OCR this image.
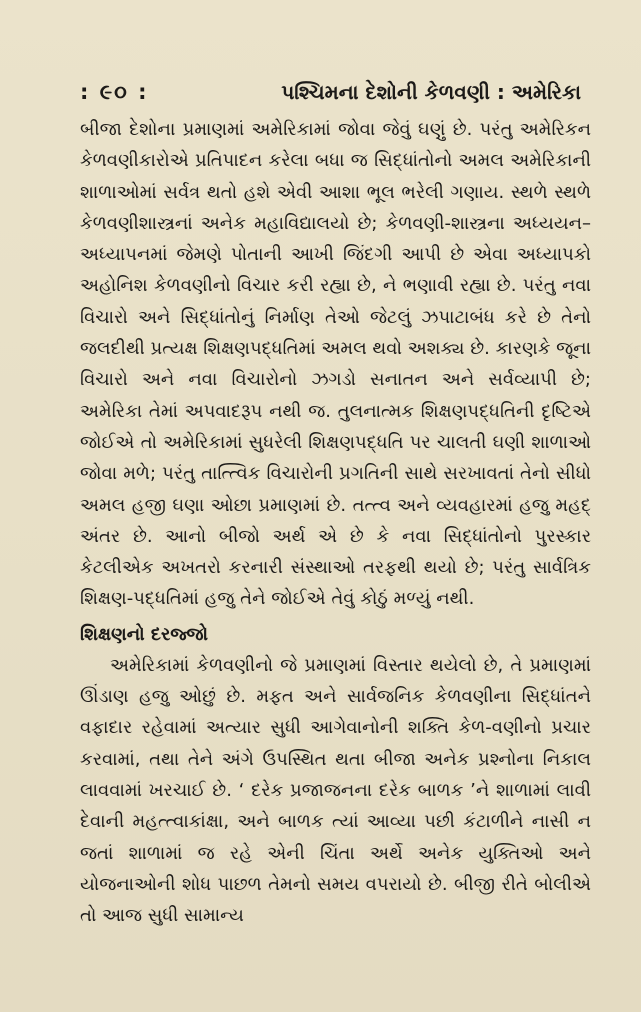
: ૯૦ :	પશ્ચિમના દેશોની કેળવણી : અમેરિકા

બીજા દેશોના પ્રમાણમાં અમેરિકામાં જોવા જેવું ઘણું છે. પરંતુ અમેરિકન કેળવણીકારોએ પ્રતિપાદન કરેલા બધા જ સિદ્ધાંતોનો અમલ અમેરિકાની શાળાઓમાં સર્વત્ર થતો હશે એવી આશા ભૂલ ભરેલી ગણાય. સ્થળે સ્થળે કેળવણીશાસ્ત્રનાં અનેક મહાવિદ્યાલયો છે; કેળવણી-શાસ્ત્રના અધ્યયન–અધ્યાપનમાં જેમણે પોતાની આખી જિંદગી આપી છે એવા અધ્યાપકો અહોનિશ કેળવણીનો વિચાર કરી રહ્યા છે, ને ભણાવી રહ્યા છે. પરંતુ નવા વિચારો અને સિદ્ધાંતોનું નિર્માણ તેઓ જેટલું ઝપાટાબંધ કરે છે તેનો જલદીથી પ્રત્યક્ષ શિક્ષણપદ્ધતિમાં અમલ થવો અશક્ય છે. કારણકે જૂના વિચારો અને નવા વિચારોનો ઝગડો સનાતન અને સર્વવ્યાપી છે; અમેરિકા તેમાં અપવાદરૂપ નથી જ. તુલનાત્મક શિક્ષણપદ્ધતિની દૃષ્ટિએ જોઈએ તો અમેરિકામાં સુધરેલી શિક્ષણપદ્ધતિ પર ચાલતી ઘણી શાળાઓ જોવા મળે; પરંતુ તાત્ત્વિક વિચારોની પ્રગતિની સાથે સરખાવતાં તેનો સીધો અમલ હજી ઘણા ઓછા પ્રમાણમાં છે. તત્ત્વ અને વ્યવહારમાં હજુ મહદ્ અંતર છે. આનો બીજો અર્થ એ છે કે નવા સિદ્ધાંતોનો પુરસ્કાર કેટલીએક અખતરો કરનારી સંસ્થાઓ તરફથી થયો છે; પરંતુ સાર્વત્રિક શિક્ષણ-પદ્ધતિમાં હજુ તેને જોઈએ તેવું કોઠું મળ્યું નથી.

શિક્ષણનો દરજ્જો

અમેરિકામાં કેળવણીનો જે પ્રમાણમાં વિસ્તાર થયેલો છે, તે પ્રમાણમાં ઊંડાણ હજુ ઓછું છે. મફત અને સાર્વજનિક કેળવણીના સિદ્ધાંતને વફાદાર રહેવામાં અત્યાર સુધી આગેવાનોની શક્તિ કેળ-વણીનો પ્રચાર કરવામાં, તથા તેને અંગે ઉપસ્થિત થતા બીજા અનેક પ્રશ્નોના નિકાલ લાવવામાં ખરચાઈ છે. ‘ દરેક પ્રજાજનના દરેક બાળક ’ને શાળામાં લાવી દેવાની મહત્ત્વાકાંક્ષા, અને બાળક ત્યાં આવ્યા પછી કંટાળીને નાસી ન જતાં શાળામાં જ રહે એની ચિંતા અર્થે અનેક યુક્તિઓ અને યોજનાઓની શોધ પાછળ તેમનો સમય વપરાયો છે. બીજી રીતે બોલીએ તો આજ સુધી સામાન્ય
